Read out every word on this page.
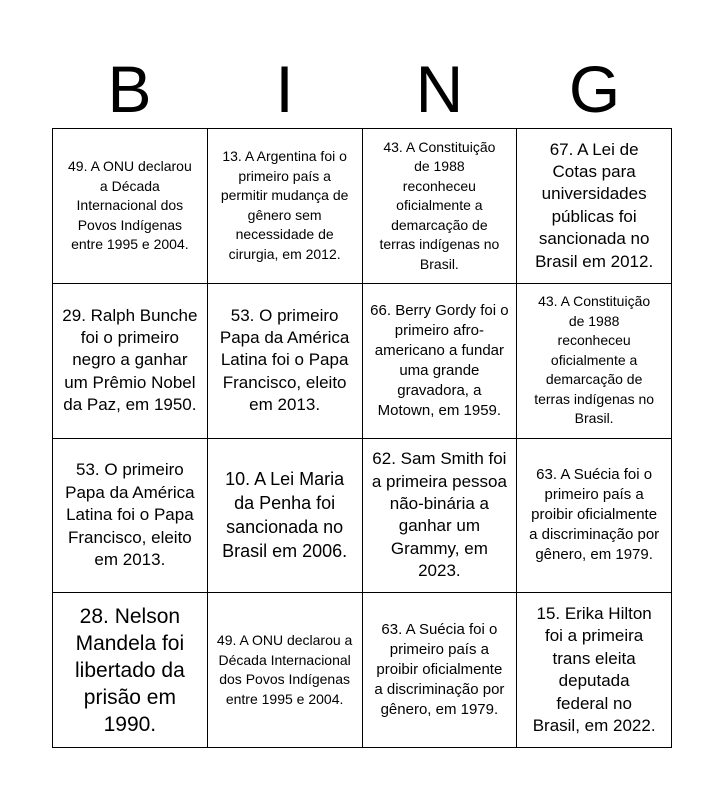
B	I	N	G
49. A ONU declarou a Década Internacional dos Povos Indígenas entre 1995 e 2004.
13. A Argentina foi o primeiro país a permitir mudança de gênero sem necessidade de cirurgia, em 2012.
43. A Constituição de 1988 reconheceu oficialmente a demarcação de terras indígenas no Brasil.
67. A Lei de Cotas para universidades públicas foi sancionada no Brasil em 2012.
29. Ralph Bunche foi o primeiro negro a ganhar um Prêmio Nobel da Paz, em 1950.
53. O primeiro Papa da América Latina foi o Papa Francisco, eleito em 2013.
66. Berry Gordy foi o primeiro afro-americano a fundar uma grande gravadora, a Motown, em 1959.
43. A Constituição de 1988 reconheceu oficialmente a demarcação de terras indígenas no Brasil.
53. O primeiro Papa da América Latina foi o Papa Francisco, eleito em 2013.
10. A Lei Maria da Penha foi sancionada no Brasil em 2006.
62. Sam Smith foi a primeira pessoa não-binária a ganhar um Grammy, em 2023.
63. A Suécia foi o primeiro país a proibir oficialmente a discriminação por gênero, em 1979.
28. Nelson Mandela foi libertado da prisão em 1990.
49. A ONU declarou a Década Internacional dos Povos Indígenas entre 1995 e 2004.
63. A Suécia foi o primeiro país a proibir oficialmente a discriminação por gênero, em 1979.
15. Erika Hilton foi a primeira trans eleita deputada federal no Brasil, em 2022.
